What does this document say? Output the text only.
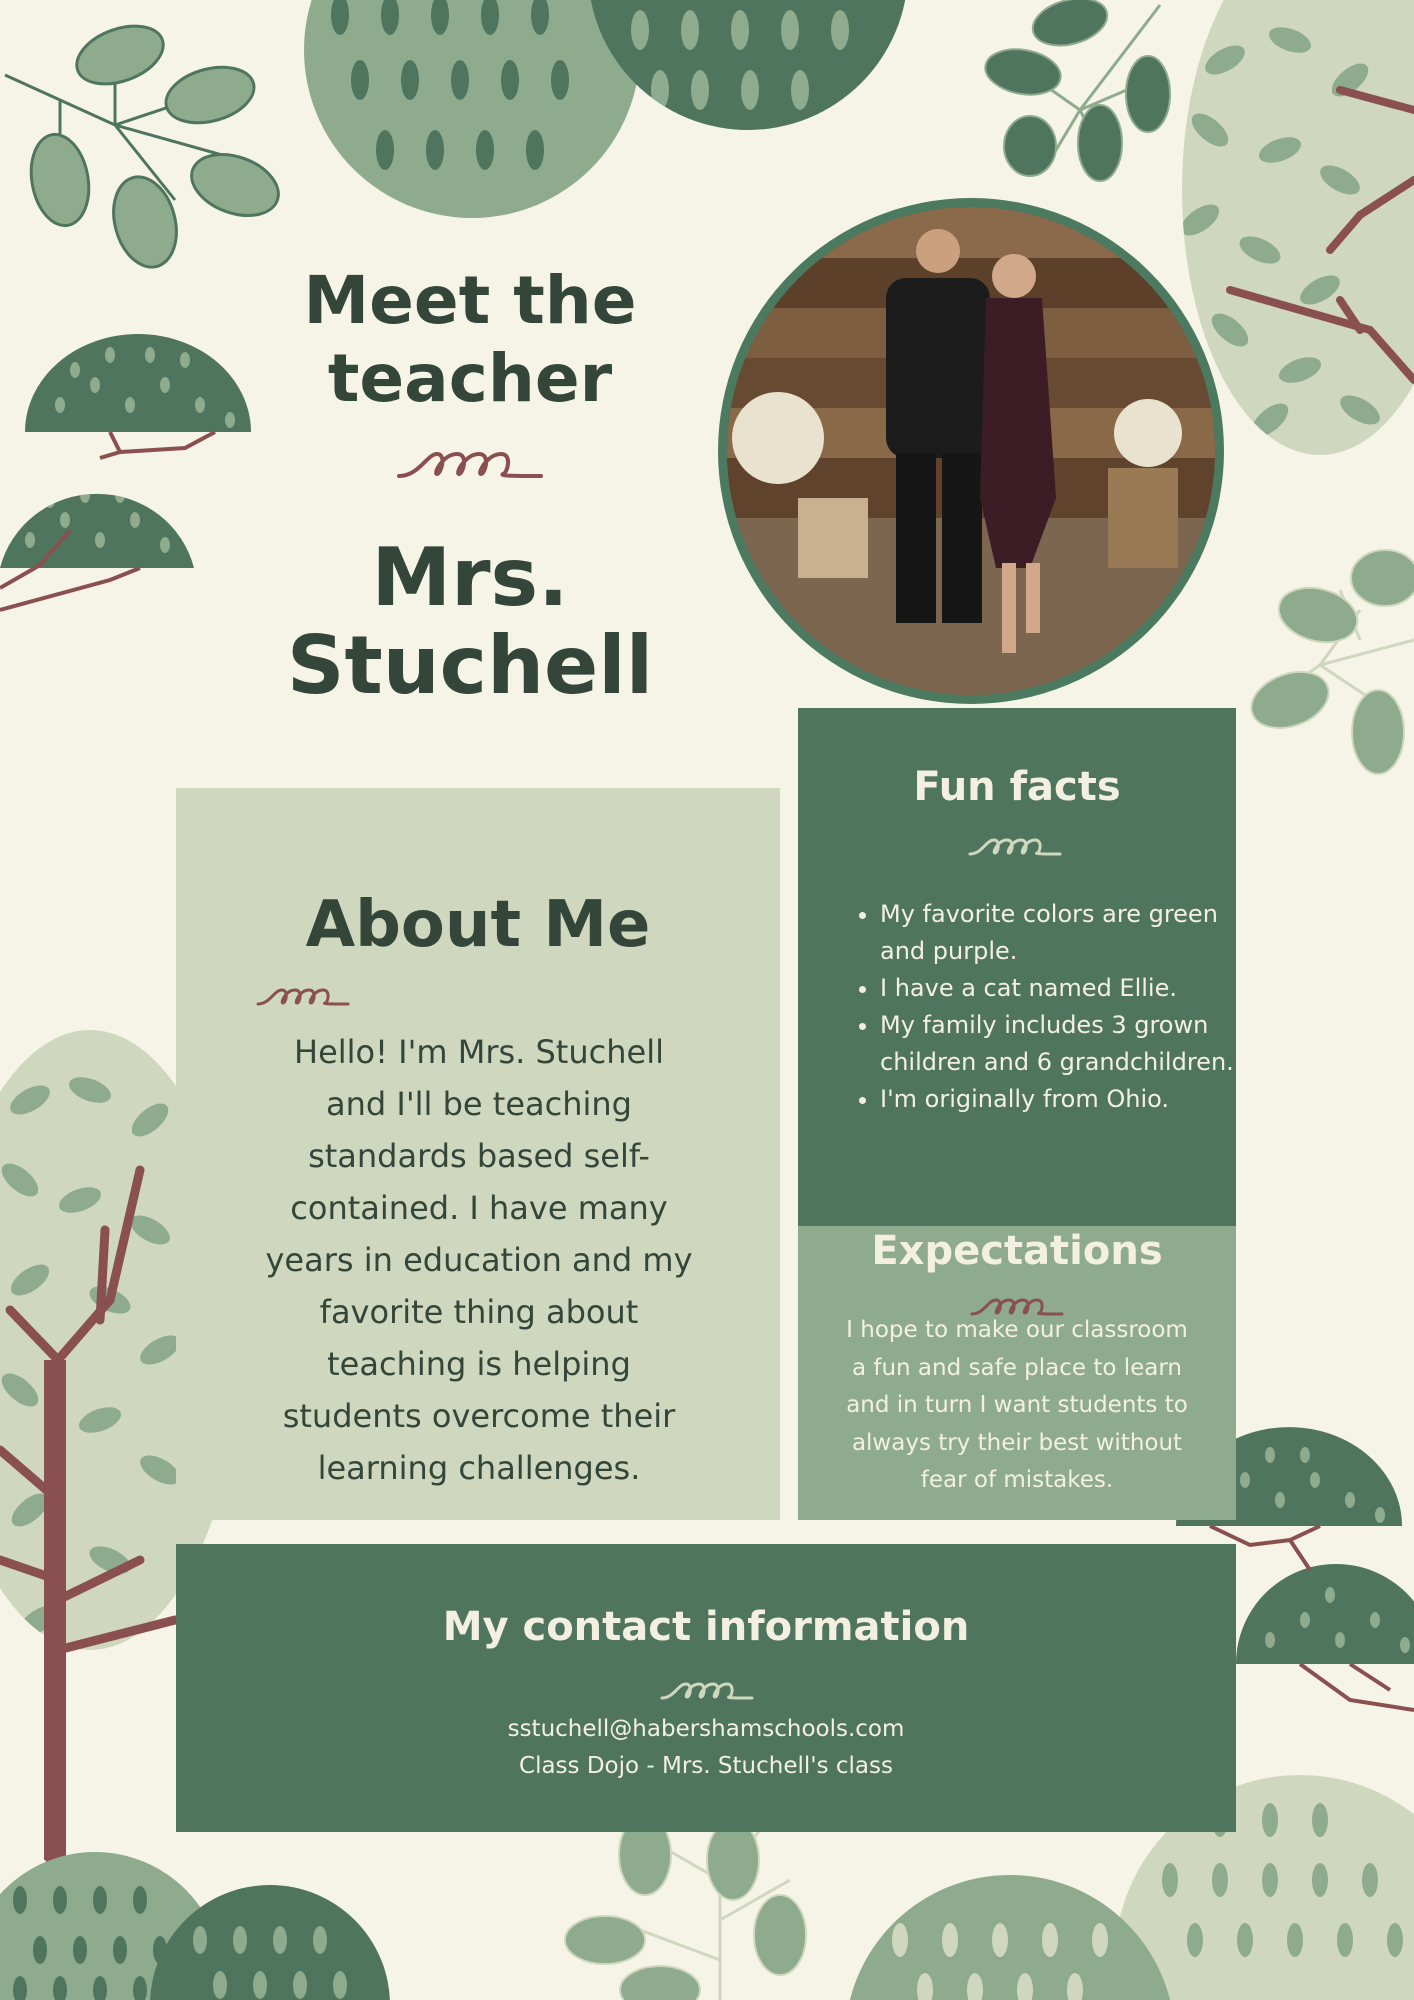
Meet the teacher
Mrs. Stuchell
About Me
Hello! I'm Mrs. Stuchell and I'll be teaching standards based self-contained. I have many years in education and my favorite thing about teaching is helping students overcome their learning challenges.
Fun facts
• My favorite colors are green and purple.
• I have a cat named Ellie.
• My family includes 3 grown children and 6 grandchildren.
• I'm originally from Ohio.
Expectations
I hope to make our classroom a fun and safe place to learn and in turn I want students to always try their best without fear of mistakes.
My contact information
sstuchell@habershamschools.com
Class Dojo - Mrs. Stuchell's class
